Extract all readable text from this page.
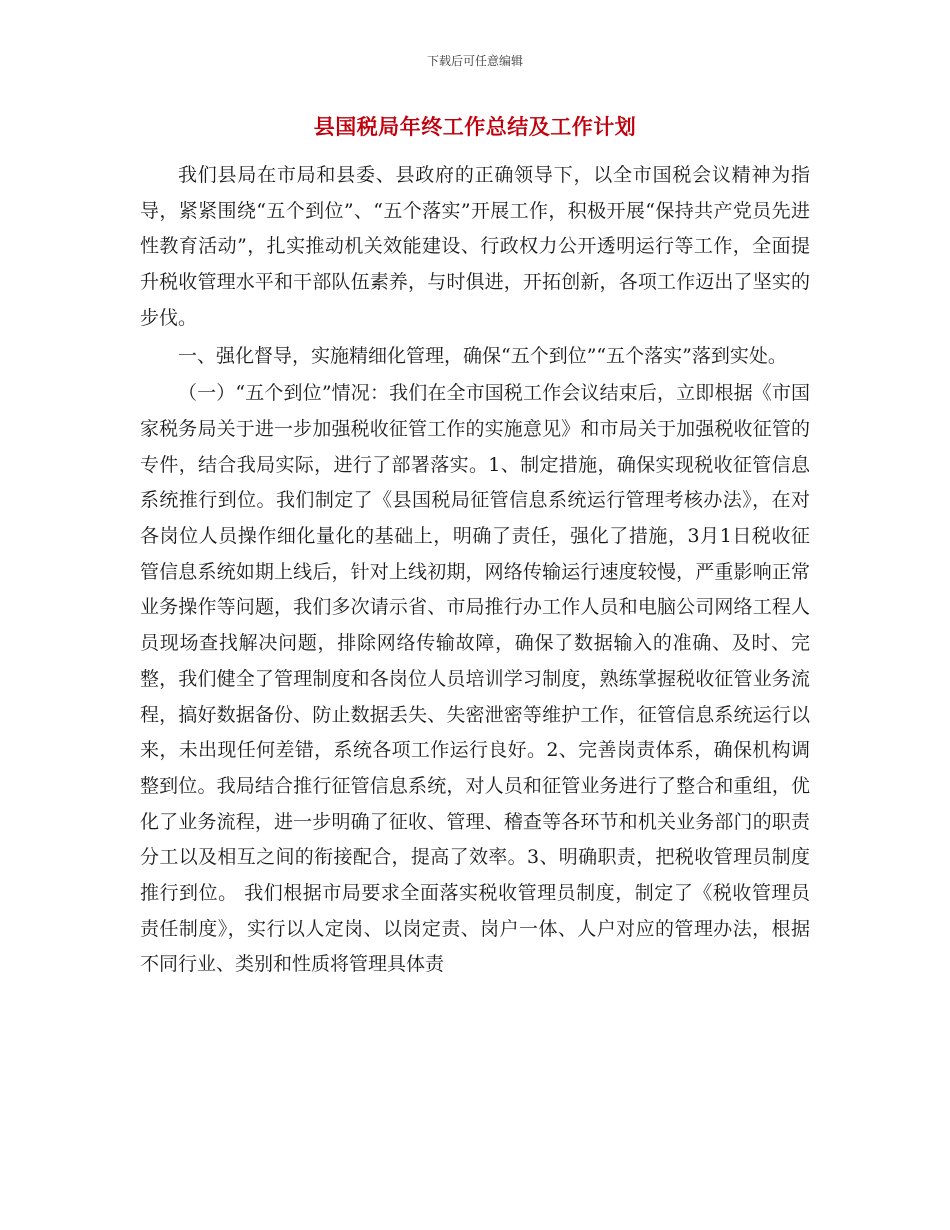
下载后可任意编辑
县国税局年终工作总结及工作计划

我们县局在市局和县委、县政府的正确领导下，以全市国税会议精神为指导，紧紧围绕“五个到位”、“五个落实”开展工作，积极开展“保持共产党员先进性教育活动”，扎实推动机关效能建设、行政权力公开透明运行等工作，全面提升税收管理水平和干部队伍素养，与时俱进，开拓创新，各项工作迈出了坚实的步伐。

一、强化督导，实施精细化管理，确保“五个到位”“五个落实”落到实处。

（一）“五个到位”情况：我们在全市国税工作会议结束后，立即根据《市国家税务局关于进一步加强税收征管工作的实施意见》和市局关于加强税收征管的专件，结合我局实际，进行了部署落实。1、制定措施，确保实现税收征管信息系统推行到位。我们制定了《县国税局征管信息系统运行管理考核办法》，在对各岗位人员操作细化量化的基础上，明确了责任，强化了措施，3月1日税收征管信息系统如期上线后，针对上线初期，网络传输运行速度较慢，严重影响正常业务操作等问题，我们多次请示省、市局推行办工作人员和电脑公司网络工程人员现场查找解决问题，排除网络传输故障，确保了数据输入的准确、及时、完整，我们健全了管理制度和各岗位人员培训学习制度，熟练掌握税收征管业务流程，搞好数据备份、防止数据丢失、失密泄密等维护工作，征管信息系统运行以来，未出现任何差错，系统各项工作运行良好。2、完善岗责体系，确保机构调整到位。我局结合推行征管信息系统，对人员和征管业务进行了整合和重组，优化了业务流程，进一步明确了征收、管理、稽查等各环节和机关业务部门的职责分工以及相互之间的衔接配合，提高了效率。3、明确职责，把税收管理员制度推行到位。 我们根据市局要求全面落实税收管理员制度，制定了《税收管理员责任制度》，实行以人定岗、以岗定责、岗户一体、人户对应的管理办法，根据不同行业、类别和性质将管理具体责
